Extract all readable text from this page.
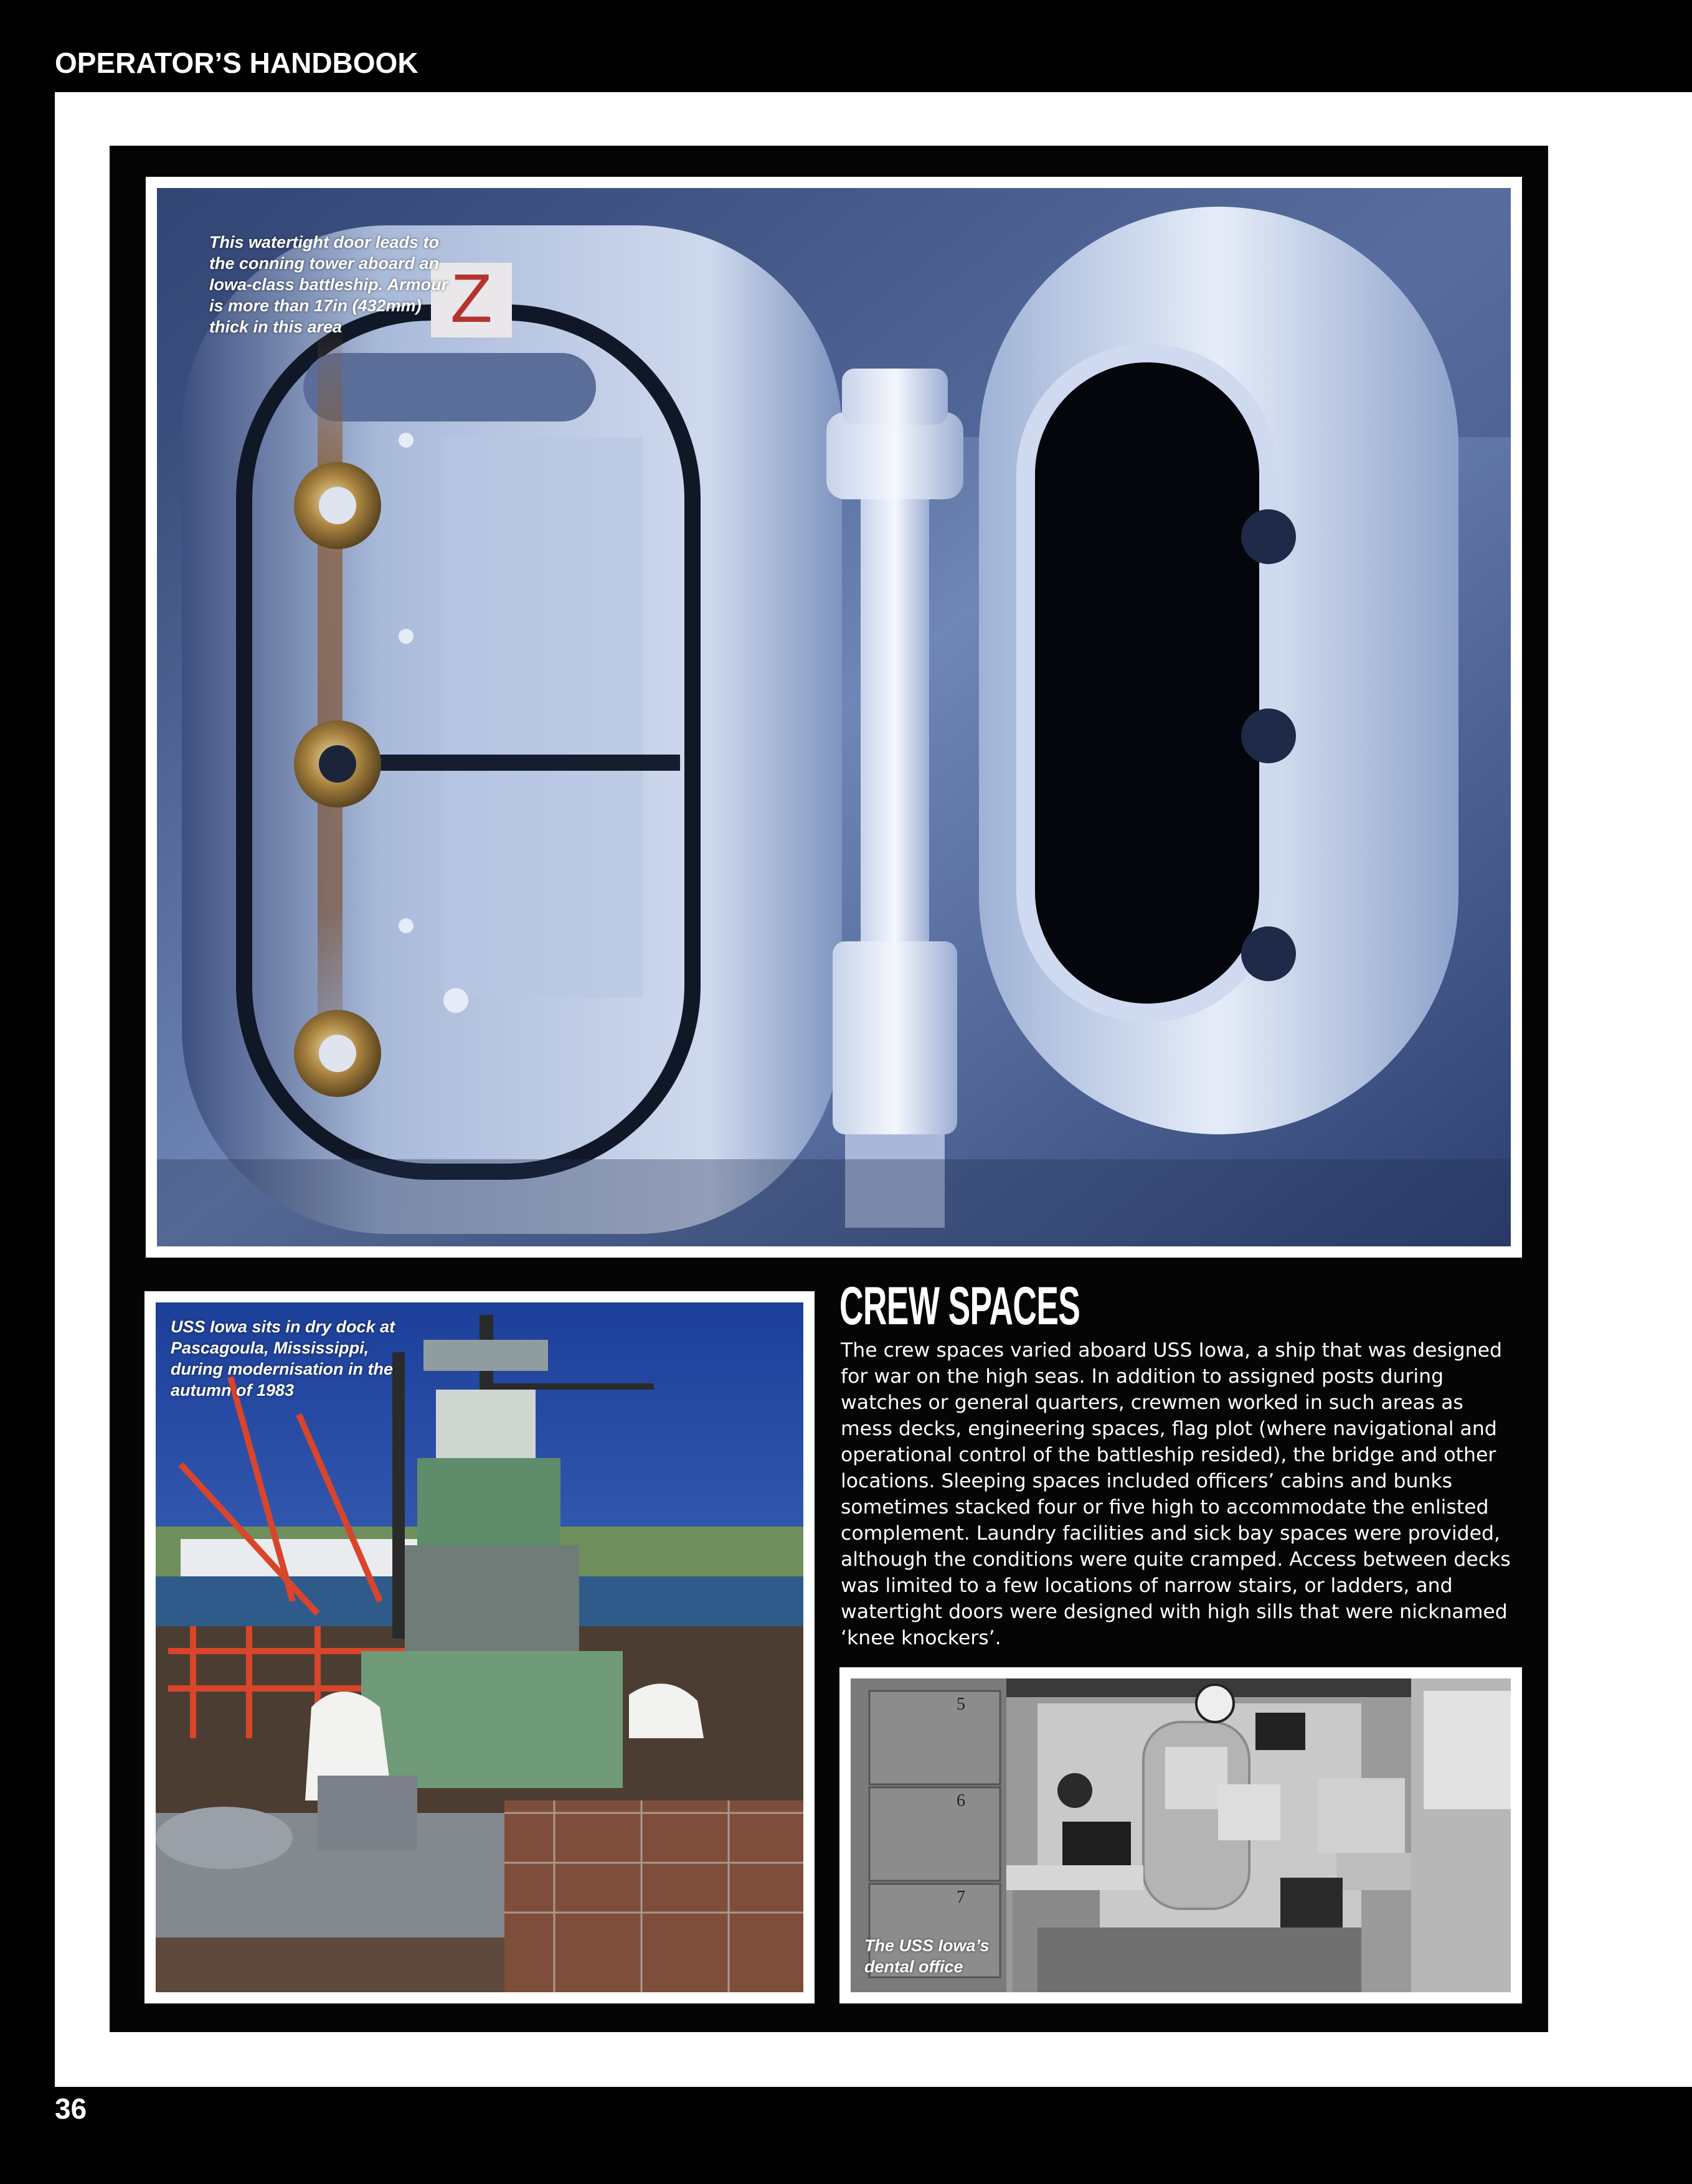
OPERATOR’S HANDBOOK
Z
This watertight door leads to the conning tower aboard an Iowa-class battleship. Armour is more than 17in (432mm) thick in this area
USS Iowa sits in dry dock at Pascagoula, Mississippi, during modernisation in the autumn of 1983
CREW SPACES
The crew spaces varied aboard USS Iowa, a ship that was designed for war on the high seas. In addition to assigned posts during watches or general quarters, crewmen worked in such areas as mess decks, engineering spaces, flag plot (where navigational and operational control of the battleship resided), the bridge and other locations. Sleeping spaces included officers’ cabins and bunks sometimes stacked four or five high to accommodate the enlisted complement. Laundry facilities and sick bay spaces were provided, although the conditions were quite cramped. Access between decks was limited to a few locations of narrow stairs, or ladders, and watertight doors were designed with high sills that were nicknamed ‘knee knockers’.
5
6
7
The USS Iowa’s dental office
36
